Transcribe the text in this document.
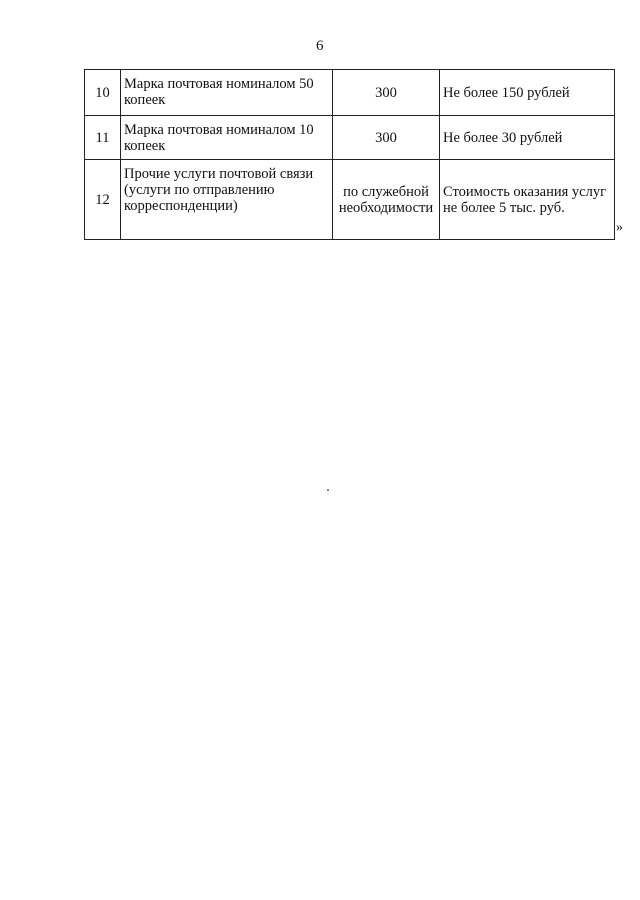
6
10	Марка почтовая номиналом 50 копеек	300	Не более 150 рублей
11	Марка почтовая номиналом 10 копеек	300	Не более 30 рублей
12	Прочие услуги почтовой связи (услуги по отправлению корреспонденции)	по служебной необходимости	Стоимость оказания услуг не более 5 тыс. руб.
»
